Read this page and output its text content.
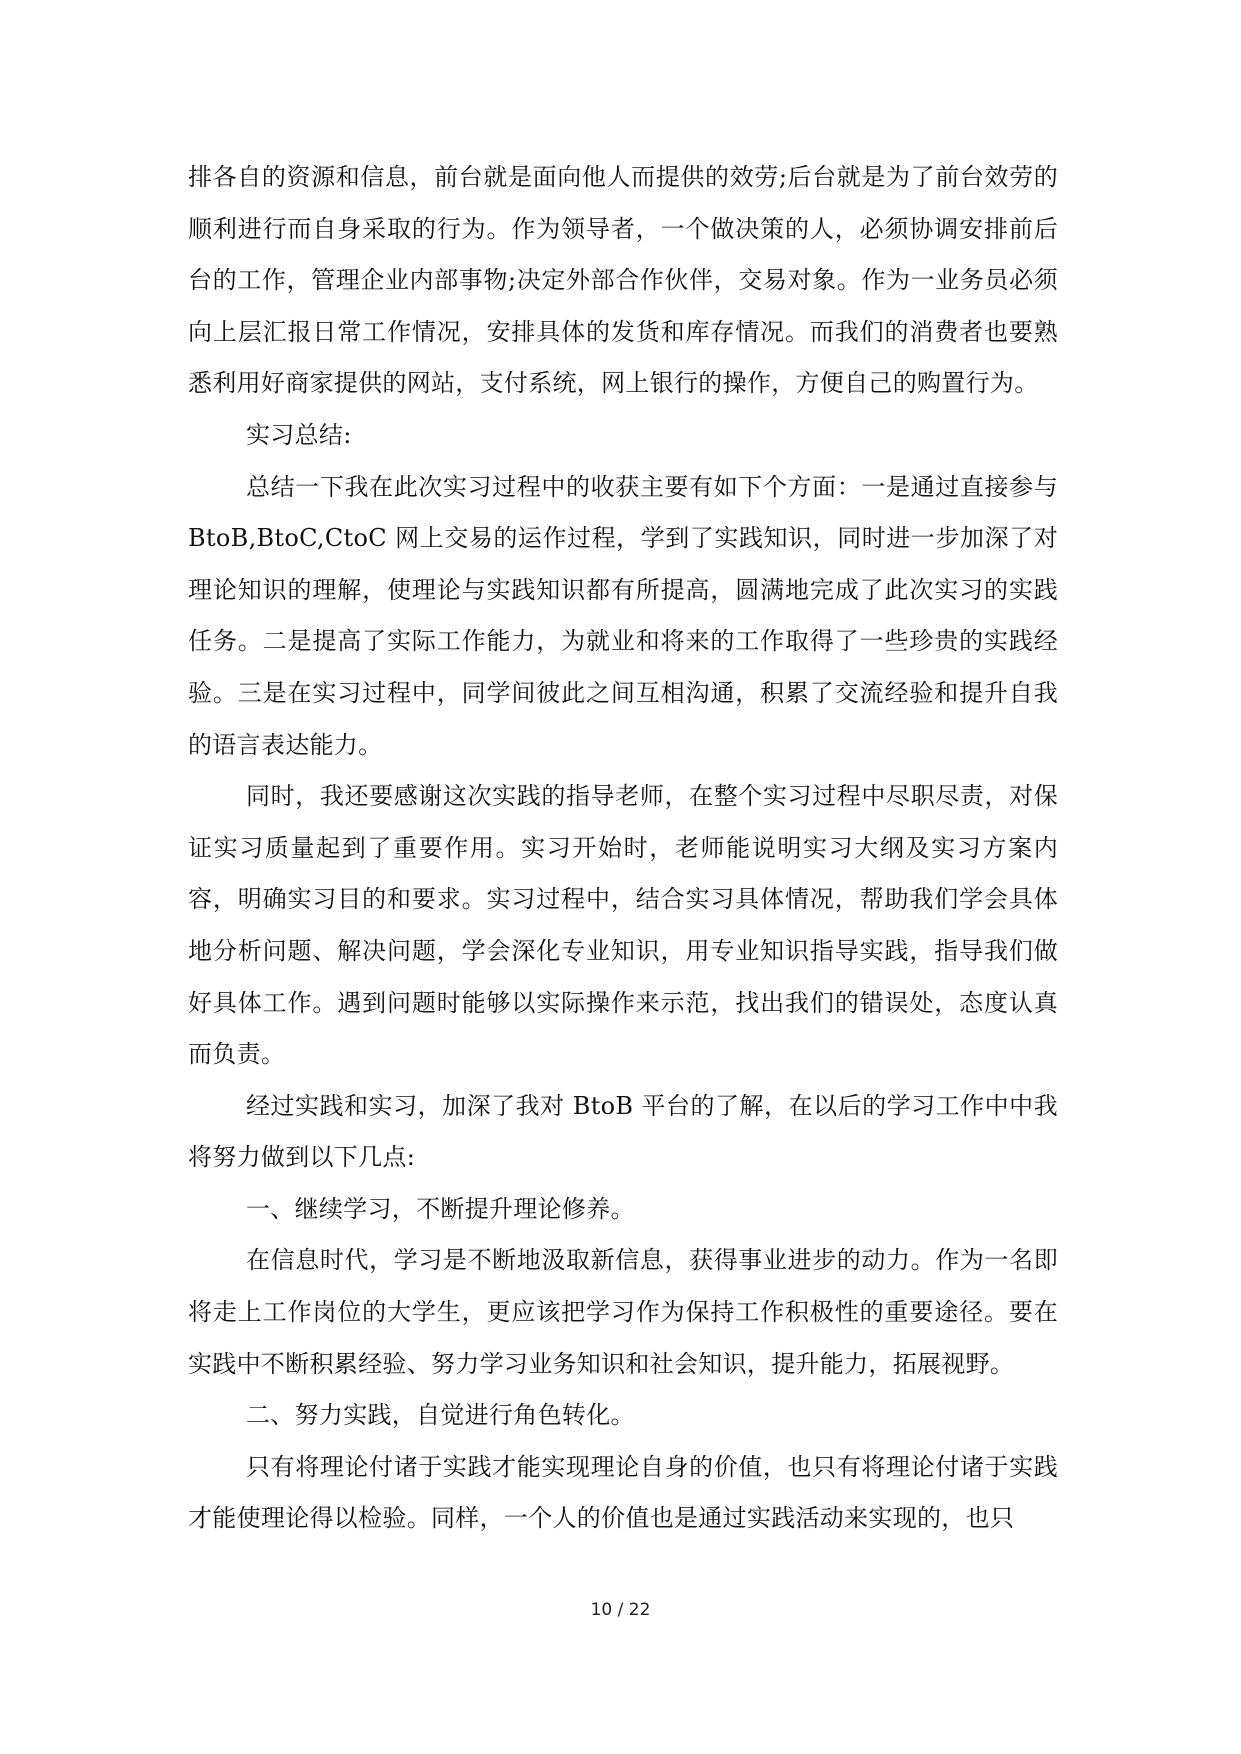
排各自的资源和信息，前台就是面向他人而提供的效劳;后台就是为了前台效劳的顺利进行而自身采取的行为。作为领导者，一个做决策的人，必须协调安排前后台的工作，管理企业内部事物;决定外部合作伙伴，交易对象。作为一业务员必须向上层汇报日常工作情况，安排具体的发货和库存情况。而我们的消费者也要熟悉利用好商家提供的网站，支付系统，网上银行的操作，方便自己的购置行为。

实习总结:

总结一下我在此次实习过程中的收获主要有如下个方面：一是通过直接参与 BtoB,BtoC,CtoC 网上交易的运作过程，学到了实践知识，同时进一步加深了对理论知识的理解，使理论与实践知识都有所提高，圆满地完成了此次实习的实践任务。二是提高了实际工作能力，为就业和将来的工作取得了一些珍贵的实践经验。三是在实习过程中，同学间彼此之间互相沟通，积累了交流经验和提升自我的语言表达能力。

同时，我还要感谢这次实践的指导老师，在整个实习过程中尽职尽责，对保证实习质量起到了重要作用。实习开始时，老师能说明实习大纲及实习方案内容，明确实习目的和要求。实习过程中，结合实习具体情况，帮助我们学会具体地分析问题、解决问题，学会深化专业知识，用专业知识指导实践，指导我们做好具体工作。遇到问题时能够以实际操作来示范，找出我们的错误处，态度认真而负责。

经过实践和实习，加深了我对 BtoB 平台的了解，在以后的学习工作中中我将努力做到以下几点:

一、继续学习，不断提升理论修养。

在信息时代，学习是不断地汲取新信息，获得事业进步的动力。作为一名即将走上工作岗位的大学生，更应该把学习作为保持工作积极性的重要途径。要在实践中不断积累经验、努力学习业务知识和社会知识，提升能力，拓展视野。

二、努力实践，自觉进行角色转化。

只有将理论付诸于实践才能实现理论自身的价值，也只有将理论付诸于实践才能使理论得以检验。同样，一个人的价值也是通过实践活动来实现的，也只

10 / 22
